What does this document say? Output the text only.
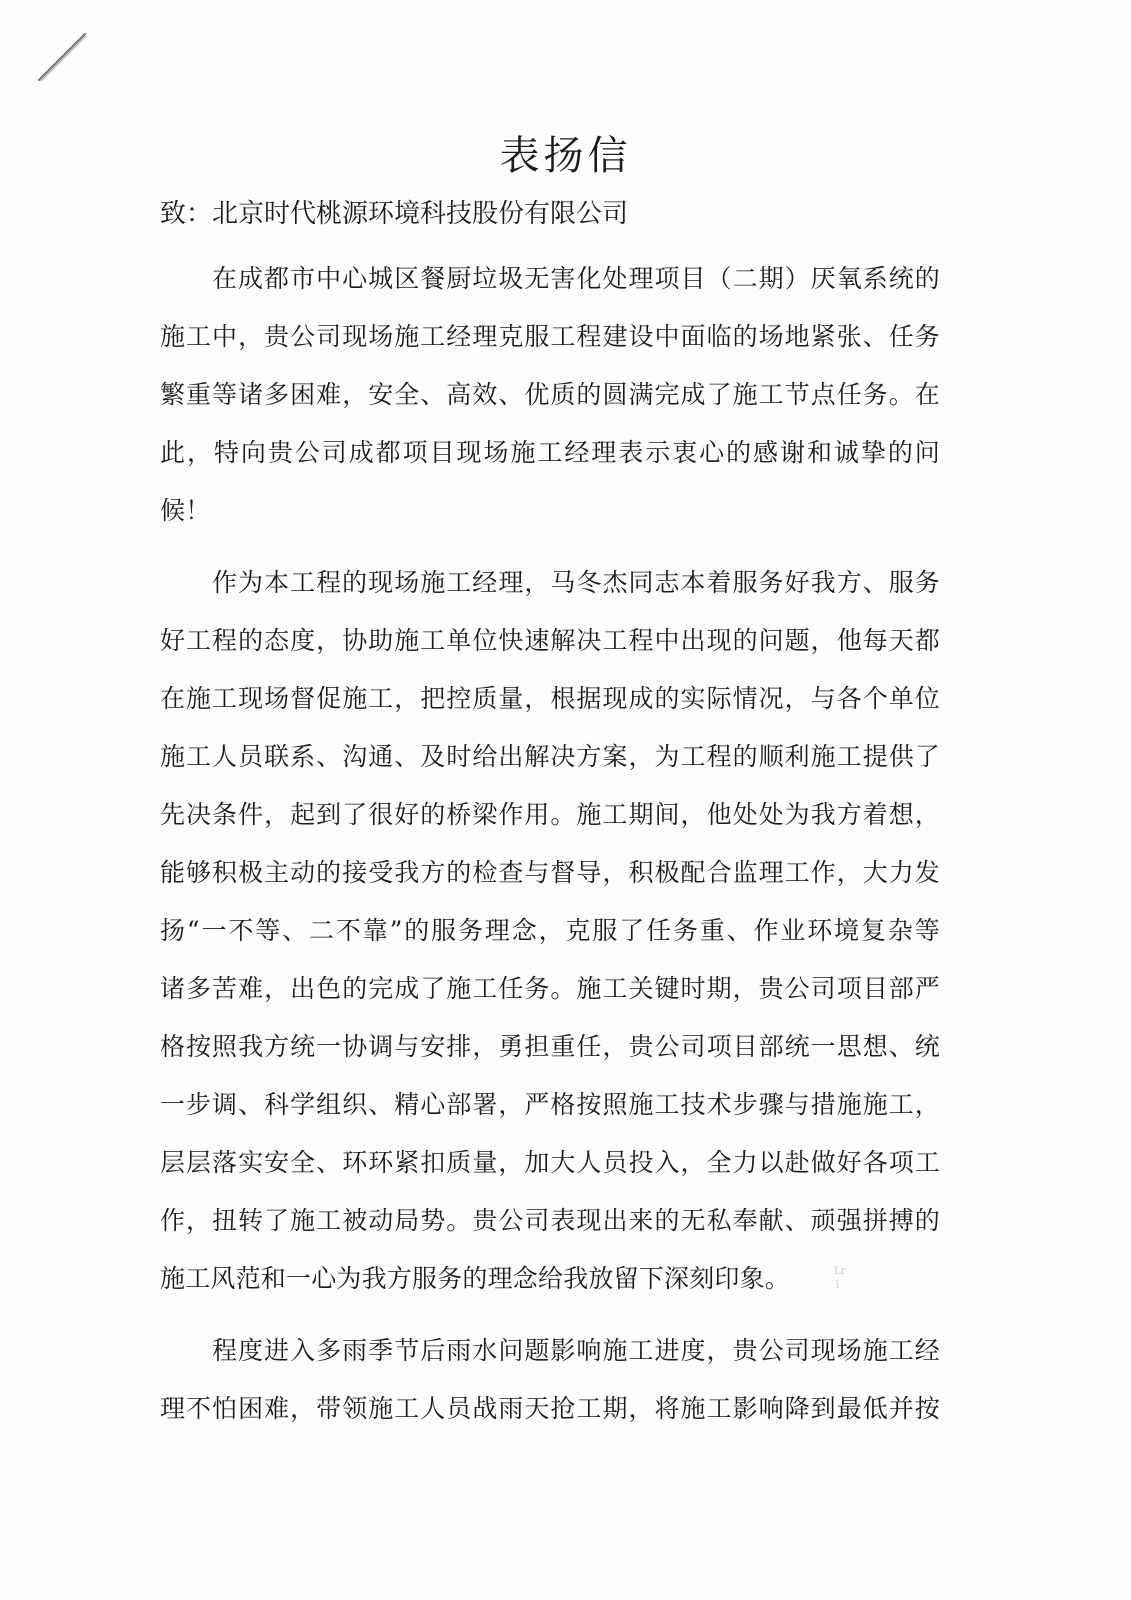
表扬信
致：北京时代桃源环境科技股份有限公司
在成都市中心城区餐厨垃圾无害化处理项目（二期）厌氧系统的
施工中，贵公司现场施工经理克服工程建设中面临的场地紧张、任务
繁重等诸多困难，安全、高效、优质的圆满完成了施工节点任务。在
此，特向贵公司成都项目现场施工经理表示衷心的感谢和诚挚的问
候！
作为本工程的现场施工经理，马冬杰同志本着服务好我方、服务
好工程的态度，协助施工单位快速解决工程中出现的问题，他每天都
在施工现场督促施工，把控质量，根据现成的实际情况，与各个单位
施工人员联系、沟通、及时给出解决方案，为工程的顺利施工提供了
先决条件，起到了很好的桥梁作用。施工期间，他处处为我方着想，
能够积极主动的接受我方的检查与督导，积极配合监理工作，大力发
扬“一不等、二不靠”的服务理念，克服了任务重、作业环境复杂等
诸多苦难，出色的完成了施工任务。施工关键时期，贵公司项目部严
格按照我方统一协调与安排，勇担重任，贵公司项目部统一思想、统
一步调、科学组织、精心部署，严格按照施工技术步骤与措施施工，
层层落实安全、环环紧扣质量，加大人员投入，全力以赴做好各项工
作，扭转了施工被动局势。贵公司表现出来的无私奉献、顽强拼搏的
施工风范和一心为我方服务的理念给我放留下深刻印象。
程度进入多雨季节后雨水问题影响施工进度，贵公司现场施工经
理不怕困难，带领施工人员战雨天抢工期，将施工影响降到最低并按
Lr
ī
